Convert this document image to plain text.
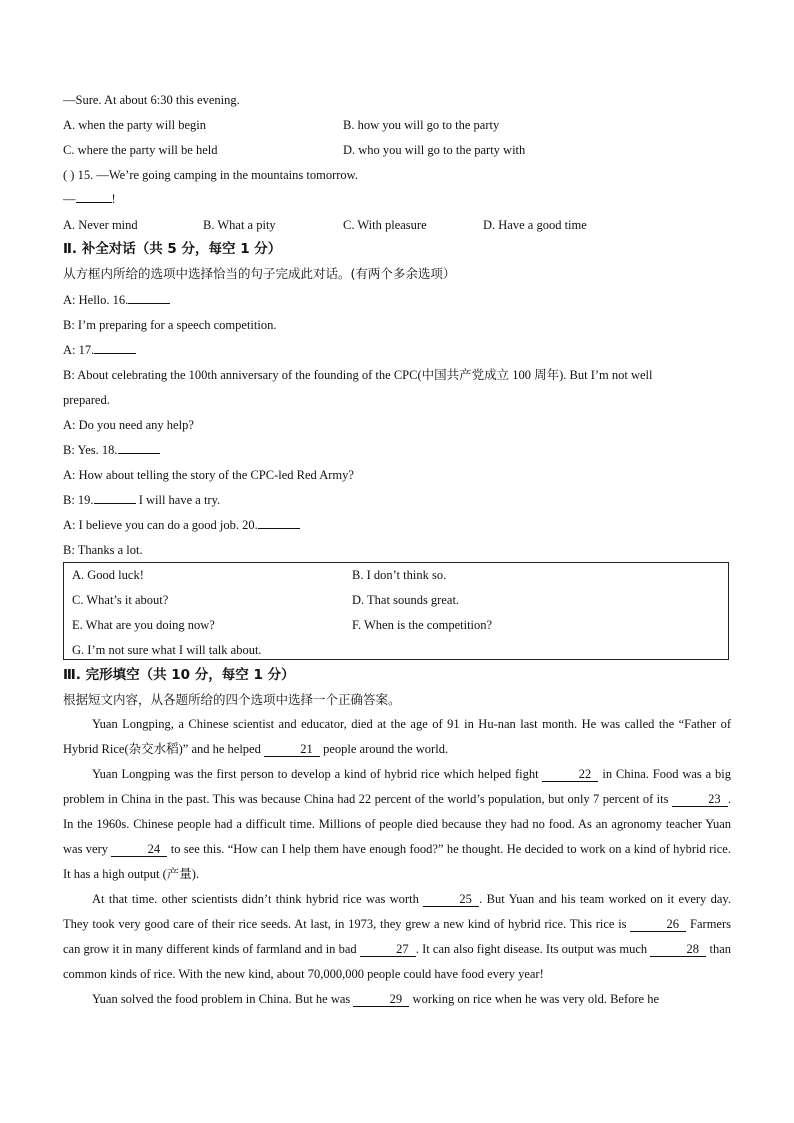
—Sure. At about 6:30 this evening.
A. when the party will begin	B. how you will go to the party
C. where the party will be held	D. who you will go to the party with
( ) 15. —We’re going camping in the mountains tomorrow.
—	!
A. Never mind	B. What a pity	C. With pleasure	D. Have a good time
Ⅱ. 补全对话（共 5 分，每空 1 分）
从方框内所给的选项中选择恰当的句子完成此对话。(有两个多余选项）
A: Hello. 16.
B: I’m preparing for a speech competition.
A: 17.
B: About celebrating the 100th anniversary of the founding of the CPC(中国共产党成立 100 周年). But I’m not well
prepared.
A: Do you need any help?
B: Yes. 18.
A: How about telling the story of the CPC-led Red Army?
B: 19.	I will have a try.
A: I believe you can do a good job. 20.
B: Thanks a lot.
A. Good luck!	B. I don’t think so.
C. What’s it about?	D. That sounds great.
E. What are you doing now?	F. When is the competition?
G. I’m not sure what I will talk about.
Ⅲ. 完形填空（共 10 分，每空 1 分）
根据短文内容，从各题所给的四个选项中选择一个正确答案。

Yuan Longping, a Chinese scientist and educator, died at the age of 91 in Hu-nan last month. He was called the “Father of Hybrid Rice(杂交水稻)” and he helped	21 people around the world.

Yuan Longping was the first person to develop a kind of hybrid rice which helped fight	22 in China. Food was a big problem in China in the past. This was because China had 22 percent of the world’s population, but only 7 percent of its	23 . In the 1960s. Chinese people had a difficult time. Millions of people died because they had no food. As an agronomy teacher Yuan was very	24 to see this. “How can I help them have enough food?” he thought. He decided to work on a kind of hybrid rice. It has a high output (产量).

At that time. other scientists didn’t think hybrid rice was worth	25 . But Yuan and his team worked on it every day. They took very good care of their rice seeds. At last, in 1973, they grew a new kind of hybrid rice. This rice is	26 Farmers can grow it in many different kinds of farmland and in bad	27 . It can also fight disease. Its output was much	28 than common kinds of rice. With the new kind, about 70,000,000 people could have food every year!

Yuan solved the food problem in China. But he was	29 working on rice when he was very old. Before he
